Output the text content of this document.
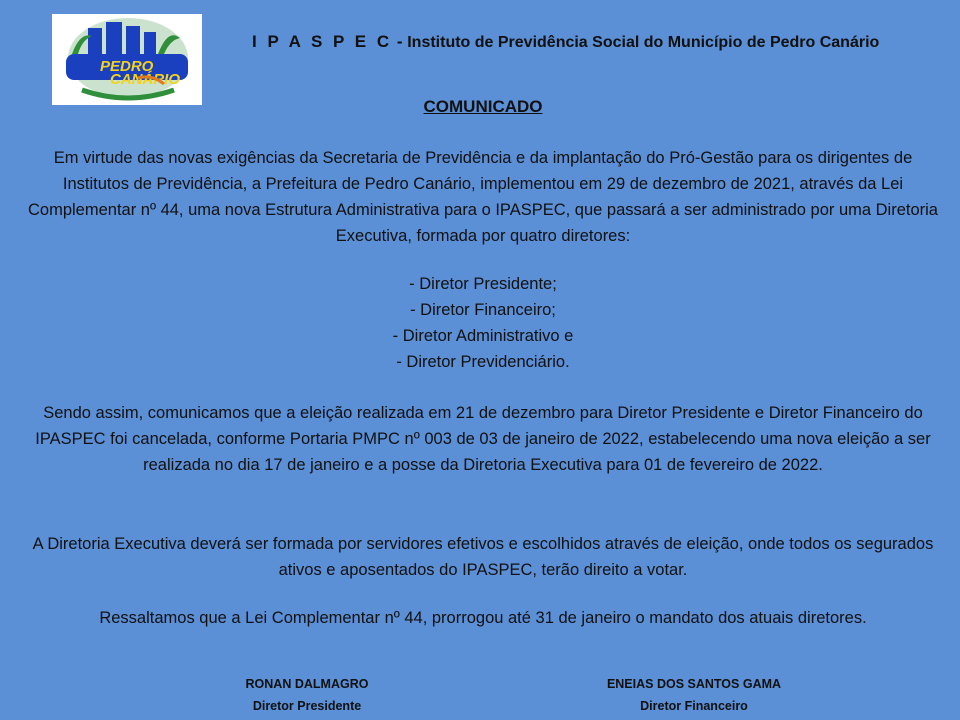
PEDRO
CANÁRIO
I P A S P E C - Instituto de Previdência Social do Município de Pedro Canário
COMUNICADO
Em virtude das novas exigências da Secretaria de Previdência e da implantação do Pró-Gestão para os dirigentes de Institutos de Previdência, a Prefeitura de Pedro Canário, implementou em 29 de dezembro de 2021, através da Lei Complementar nº 44, uma nova Estrutura Administrativa para o IPASPEC, que passará a ser administrado por uma Diretoria Executiva, formada por quatro diretores:
- Diretor Presidente;
- Diretor Financeiro;
- Diretor Administrativo e
- Diretor Previdenciário.
Sendo assim, comunicamos que a eleição realizada em 21 de dezembro para Diretor Presidente e Diretor Financeiro do IPASPEC foi cancelada, conforme Portaria PMPC nº 003 de 03 de janeiro de 2022, estabelecendo uma nova eleição a ser realizada no dia 17 de janeiro e a posse da Diretoria Executiva para 01 de fevereiro de 2022.
A Diretoria Executiva deverá ser formada por servidores efetivos e escolhidos através de eleição, onde todos os segurados ativos e aposentados do IPASPEC, terão direito a votar.
Ressaltamos que a Lei Complementar nº 44, prorrogou até 31 de janeiro o mandato dos atuais diretores.
RONAN DALMAGRO
Diretor Presidente
ENEIAS DOS SANTOS GAMA
Diretor Financeiro
